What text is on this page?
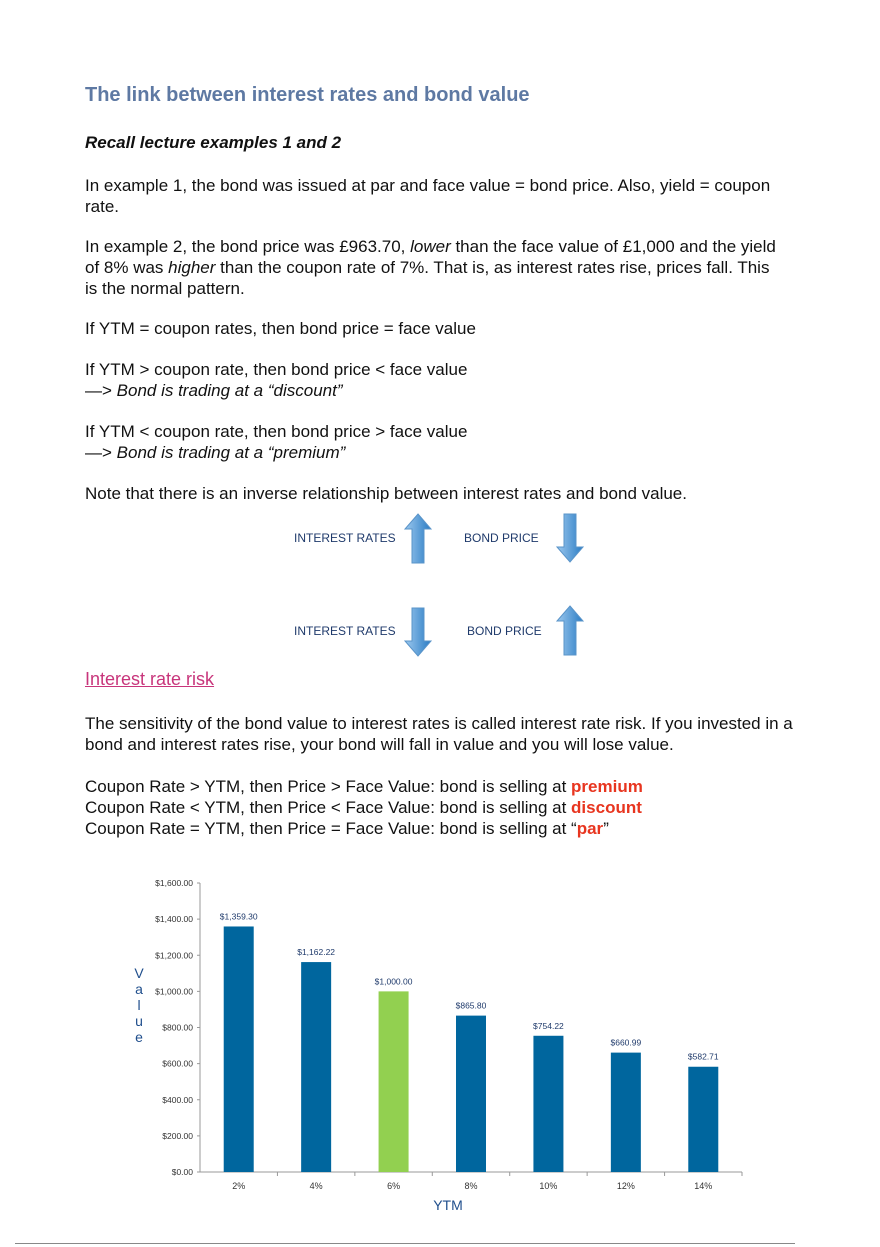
The link between interest rates and bond value
Recall lecture examples 1 and 2
In example 1, the bond was issued at par and face value = bond price. Also, yield = coupon rate.
In example 2, the bond price was £963.70, lower than the face value of £1,000 and the yield of 8% was higher than the coupon rate of 7%. That is, as interest rates rise, prices fall. This is the normal pattern.
If YTM = coupon rates, then bond price = face value
If YTM > coupon rate, then bond price < face value
—> Bond is trading at a “discount”
If YTM < coupon rate, then bond price > face value
—> Bond is trading at a “premium”
Note that there is an inverse relationship between interest rates and bond value.
INTEREST RATES	BOND PRICE
INTEREST RATES	BOND PRICE
Interest rate risk
The sensitivity of the bond value to interest rates is called interest rate risk. If you invested in a bond and interest rates rise, your bond will fall in value and you will lose value.
Coupon Rate > YTM, then Price > Face Value: bond is selling at premium
Coupon Rate < YTM, then Price < Face Value: bond is selling at discount
Coupon Rate = YTM, then Price = Face Value: bond is selling at “par”
$0.00
$200.00
$400.00
$600.00
$800.00
$1,000.00
$1,200.00
$1,400.00
$1,600.00
$1,359.30
2%
$1,162.22
4%
$1,000.00
6%
$865.80
8%
$754.22
10%
$660.99
12%
$582.71
14%
YTM
V
a
l
u
e
